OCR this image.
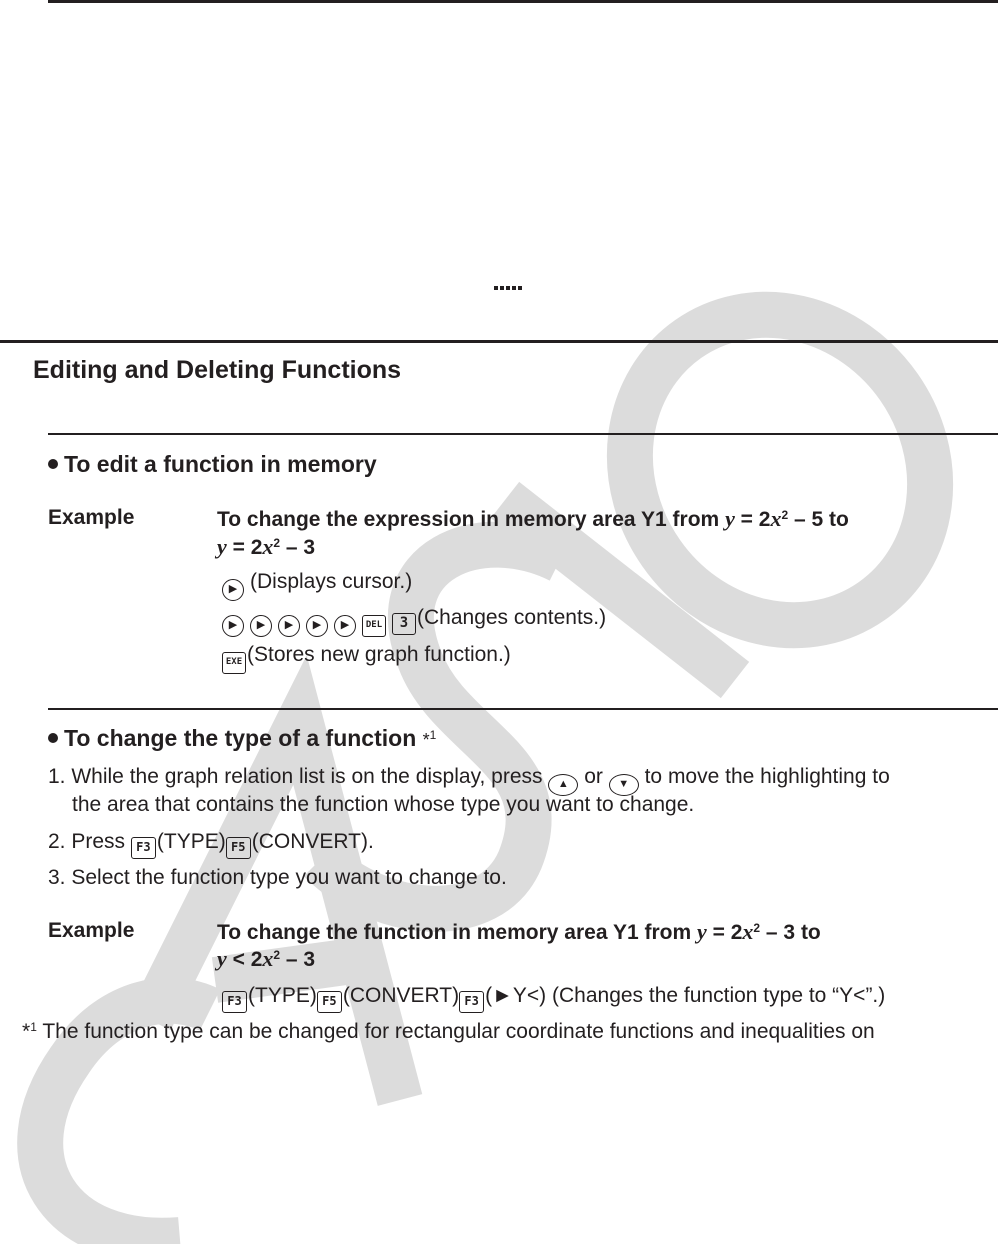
Editing and Deleting Functions
To edit a function in memory
Example	To change the expression in memory area Y1 from $y = 2x^2 - 5$ to
$y = 2x^2 - 3$
▶ (Displays cursor.)
▶ ▶ ▶ ▶ ▶ DEL 3 (Changes contents.)
EXE (Stores new graph function.)
To change the type of a function *$^1$
1. While the graph relation list is on the display, press ▲ or ▼ to move the highlighting to
the area that contains the function whose type you want to change.
2. Press F3 (TYPE) F5 (CONVERT).
3. Select the function type you want to change to.
Example	To change the function in memory area Y1 from $y = 2x^2 - 3$ to
$y < 2x^2 - 3$
F3 (TYPE) F5 (CONVERT) F3 (►Y<) (Changes the function type to “Y<”.)
*$^1$ The function type can be changed for rectangular coordinate functions and inequalities on
